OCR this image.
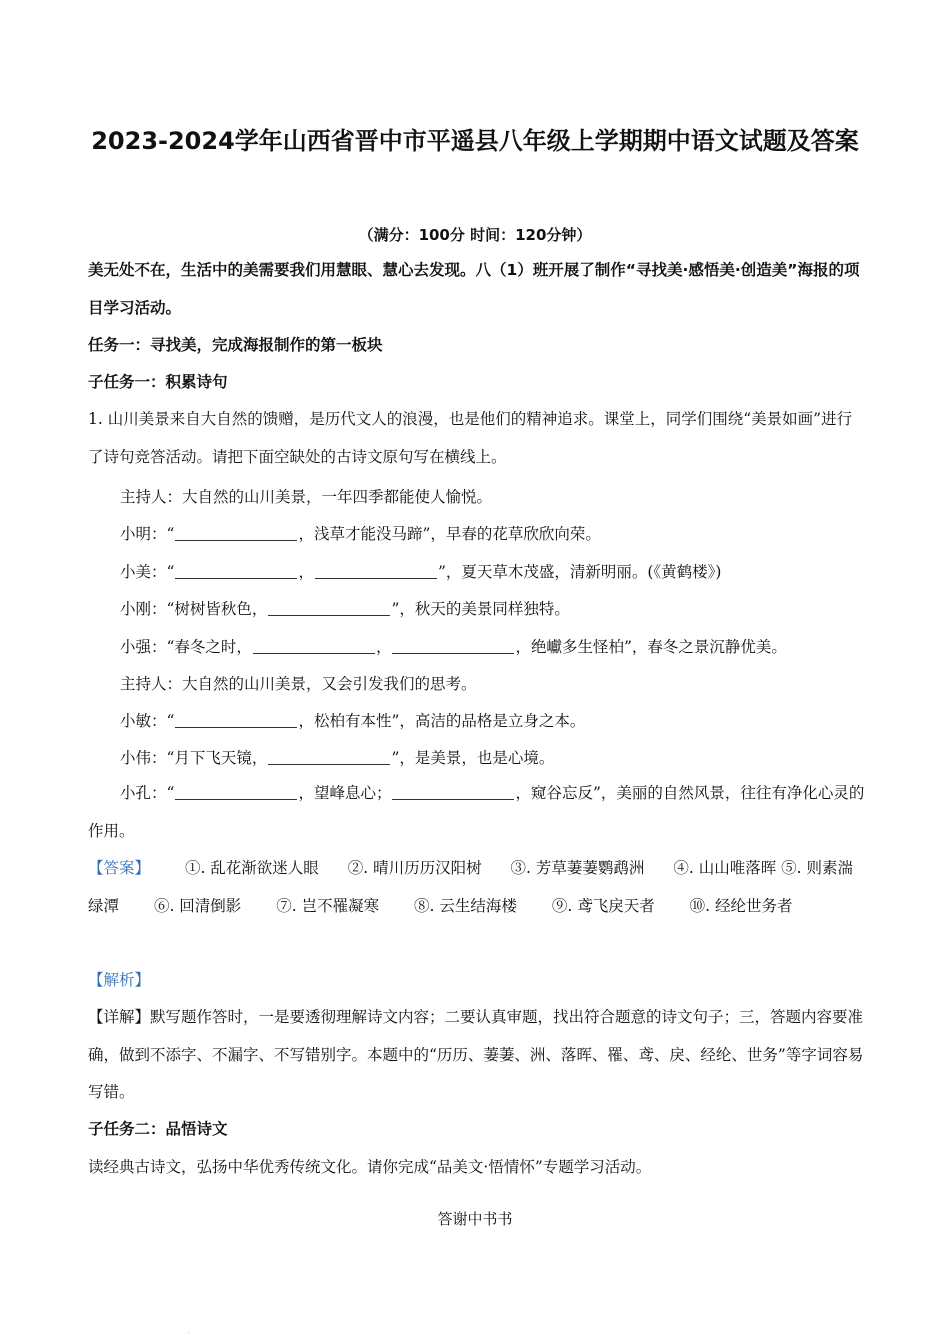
2023-2024学年山西省晋中市平遥县八年级上学期期中语文试题及答案
（满分：100分 时间：120分钟）
美无处不在，生活中的美需要我们用慧眼、慧心去发现。八（1）班开展了制作“寻找美·感悟美·创造美”海报的项目学习活动。
任务一：寻找美，完成海报制作的第一板块
子任务一：积累诗句
1. 山川美景来自大自然的馈赠，是历代文人的浪漫，也是他们的精神追求。课堂上，同学们围绕“美景如画”进行了诗句竞答活动。请把下面空缺处的古诗文原句写在横线上。
主持人：大自然的山川美景，一年四季都能使人愉悦。
小明：“	，浅草才能没马蹄”，早春的花草欣欣向荣。
小美：“	，	”，夏天草木茂盛，清新明丽。(《黄鹤楼》)
小刚：“树树皆秋色，	”，秋天的美景同样独特。
小强：“春冬之时，	，	，绝巘多生怪柏”，春冬之景沉静优美。
主持人：大自然的山川美景，又会引发我们的思考。
小敏：“	，松柏有本性”，高洁的品格是立身之本。
小伟：“月下飞天镜，	”，是美景，也是心境。
小孔：“	，望峰息心；	，窥谷忘反”，美丽的自然风景，往往有净化心灵的作用。
【答案】 ①. 乱花渐欲迷人眼 ②. 晴川历历汉阳树 ③. 芳草萋萋鹦鹉洲 ④. 山山唯落晖 ⑤. 则素湍绿潭 ⑥. 回清倒影 ⑦. 岂不罹凝寒 ⑧. 云生结海楼 ⑨. 鸢飞戾天者 ⑩. 经纶世务者
【解析】
【详解】默写题作答时，一是要透彻理解诗文内容；二要认真审题，找出符合题意的诗文句子；三，答题内容要准确，做到不添字、不漏字、不写错别字。本题中的“历历、萋萋、洲、落晖、罹、鸢、戾、经纶、世务”等字词容易写错。
子任务二：品悟诗文
读经典古诗文，弘扬中华优秀传统文化。请你完成“品美文·悟情怀”专题学习活动。
答谢中书书
·
